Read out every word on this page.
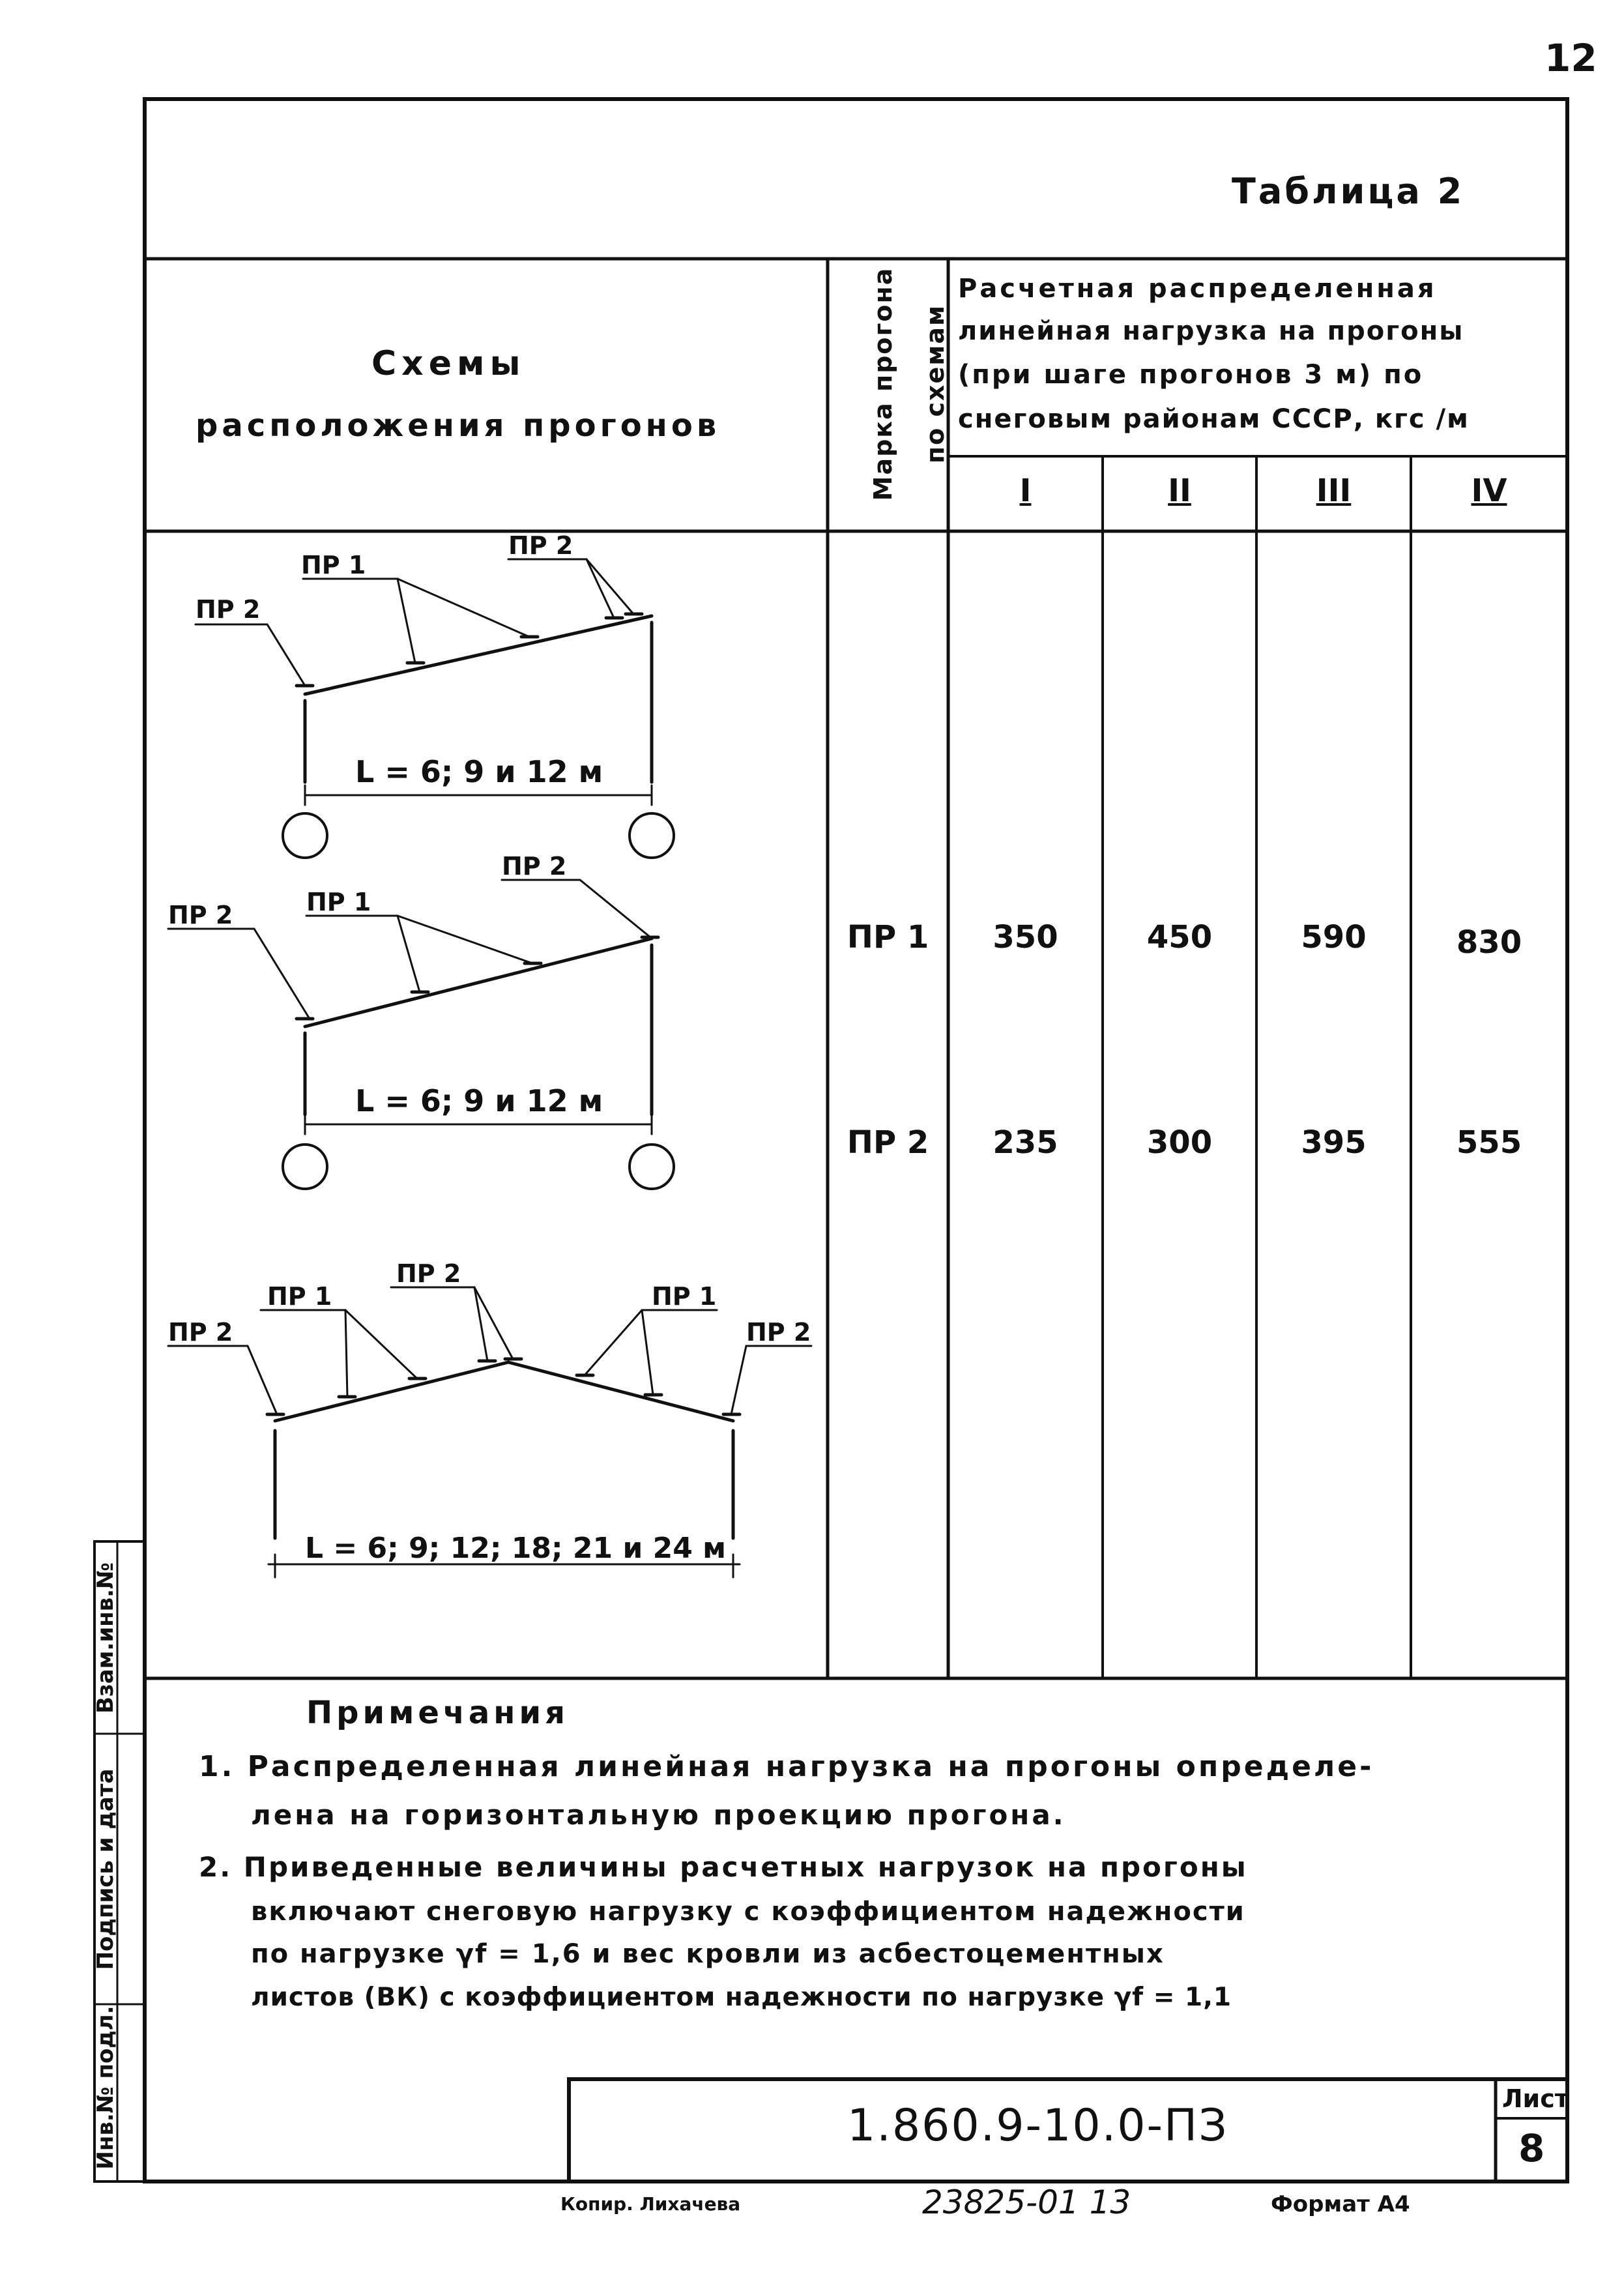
12
Таблица 2
Схемы
расположения прогонов	Марка прогона по схемам
Расчетная распределенная
линейная нагрузка на прогоны
(при шаге прогонов 3 м) по
снеговым районам СССР, кгс /м
I	II	III	IV
ПР 1	350	450	590	830
ПР 2	235	300	395	555
ПР 1
ПР 2
ПР 2
L = 6; 9 и 12 м
ПР 1
ПР 2
ПР 2
L = 6; 9 и 12 м
ПР 1
ПР 2
ПР 1
ПР 2	ПР 2
L = 6; 9; 12; 18; 21 и 24 м
Примечания
1. Распределенная линейная нагрузка на прогоны определе-
лена на горизонтальную проекцию прогона.
2. Приведенные величины расчетных нагрузок на прогоны
включают снеговую нагрузку с коэффициентом надежности
по нагрузке γf = 1,6 и вес кровли из асбестоцементных
листов (ВК) с коэффициентом надежности по нагрузке γf = 1,1
Инв.№ подл.
Подпись и дата
Взам.инв.№
1.860.9-10.0-ПЗ
Лист
8
Копир. Лихачева	23825-01 13	Формат А4
